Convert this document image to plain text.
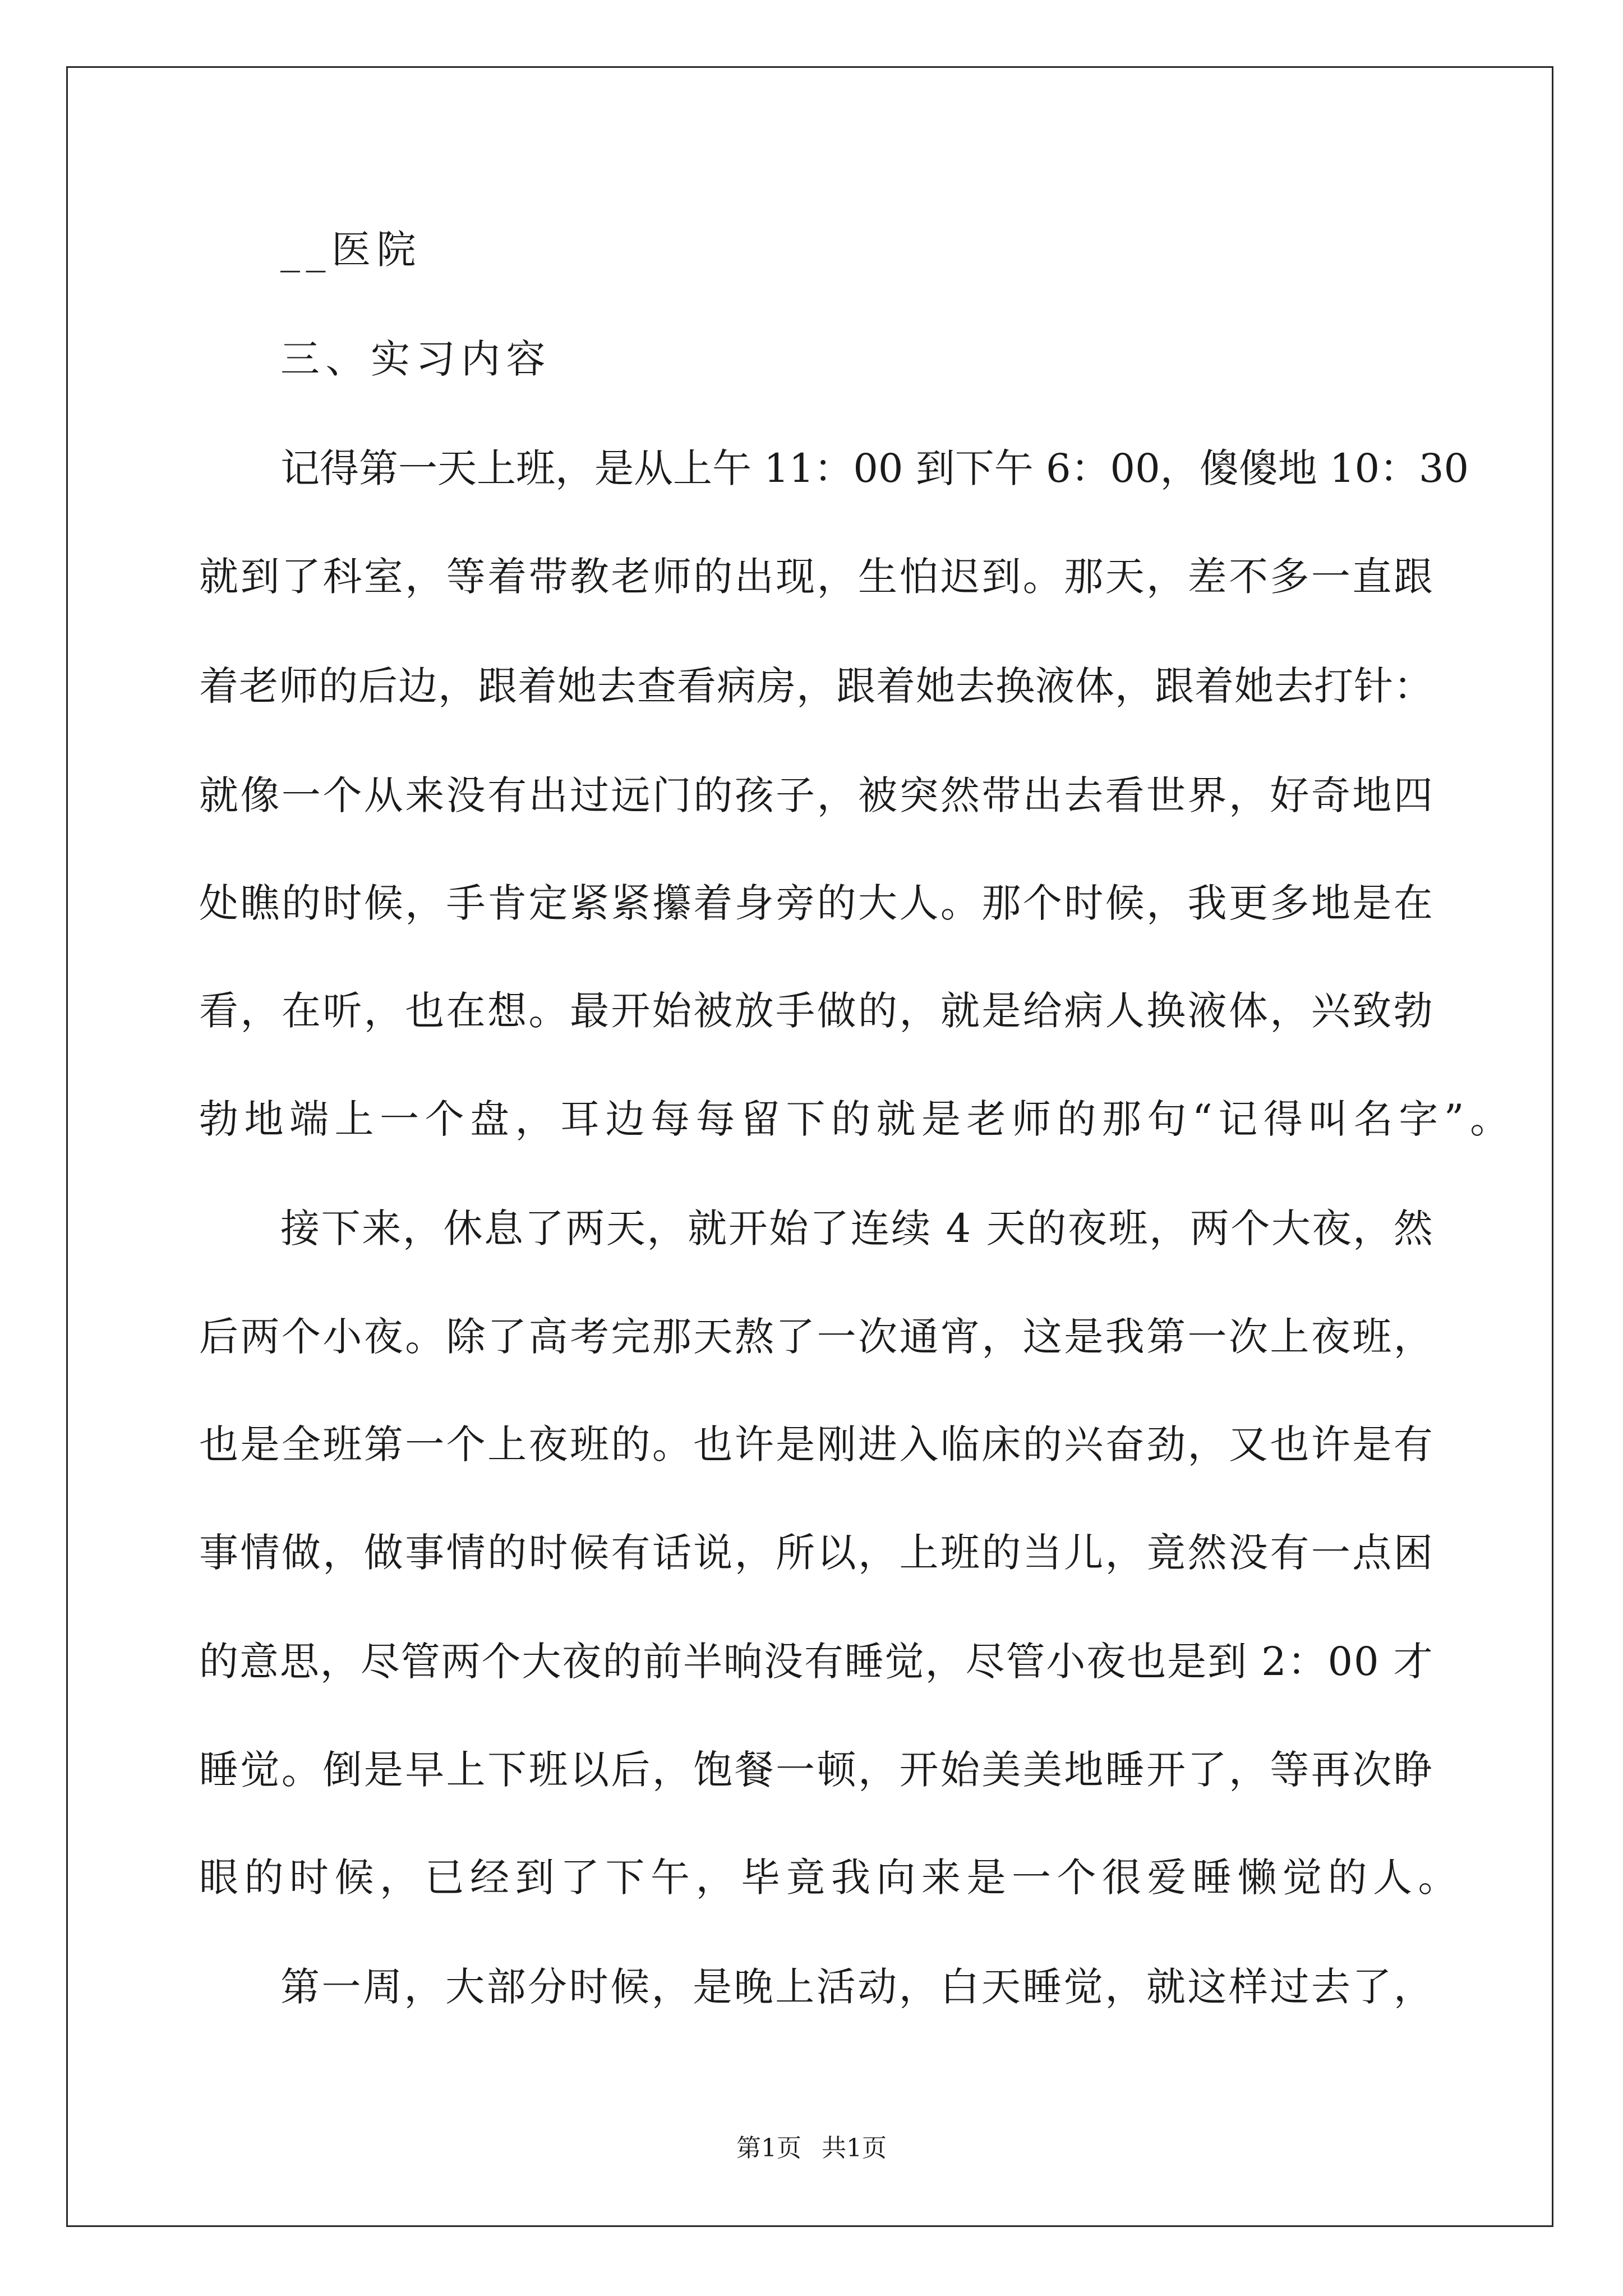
__医院
三、实习内容
记 得 第 一 天 上 班 ， 是 从 上 午
1 1 ： 0 0
到 下 午
6 ： 0 0 ， 傻 傻 地
1 0 ： 3 0
就 到 了 科 室 ， 等 着 带 教 老 师 的 出 现 ， 生 怕 迟 到 。 那 天 ， 差 不 多 一 直 跟
着 老 师 的 后 边 ， 跟 着 她 去 查 看 病 房 ， 跟 着 她 去 换 液 体 ， 跟 着 她 去 打 针 ：
就 像 一 个 从 来 没 有 出 过 远 门 的 孩 子 ， 被 突 然 带 出 去 看 世 界 ， 好 奇 地 四
处 瞧 的 时 候 ， 手 肯 定 紧 紧 攥 着 身 旁 的 大 人 。 那 个 时 候 ， 我 更 多 地 是 在
看 ， 在 听 ， 也 在 想 。 最 开 始 被 放 手 做 的 ， 就 是 给 病 人 换 液 体 ， 兴 致 勃
勃地端上一个盘，耳边每每留下的就是老师的那句“记得叫名字”。
接 下 来 ， 休 息 了 两 天 ， 就 开 始 了 连 续
4
天 的 夜 班 ， 两 个 大 夜 ， 然
后 两 个 小 夜 。 除 了 高 考 完 那 天 熬 了 一 次 通 宵 ， 这 是 我 第 一 次 上 夜 班 ，
也 是 全 班 第 一 个 上 夜 班 的 。 也 许 是 刚 进 入 临 床 的 兴 奋 劲 ， 又 也 许 是 有
事 情 做 ， 做 事 情 的 时 候 有 话 说 ， 所 以 ， 上 班 的 当 儿 ， 竟 然 没 有 一 点 困
的 意 思 ， 尽 管 两 个 大 夜 的 前 半 晌 没 有 睡 觉 ， 尽 管 小 夜 也 是 到
2 ： 0 0
才
睡 觉 。 倒 是 早 上 下 班 以 后 ， 饱 餐 一 顿 ， 开 始 美 美 地 睡 开 了 ， 等 再 次 睁
眼的时候，已经到了下午，毕竟我向来是一个很爱睡懒觉的人。
第 一 周 ， 大 部 分 时 候 ， 是 晚 上 活 动 ， 白 天 睡 觉 ， 就 这 样 过 去 了 ，
第1页 共1页
